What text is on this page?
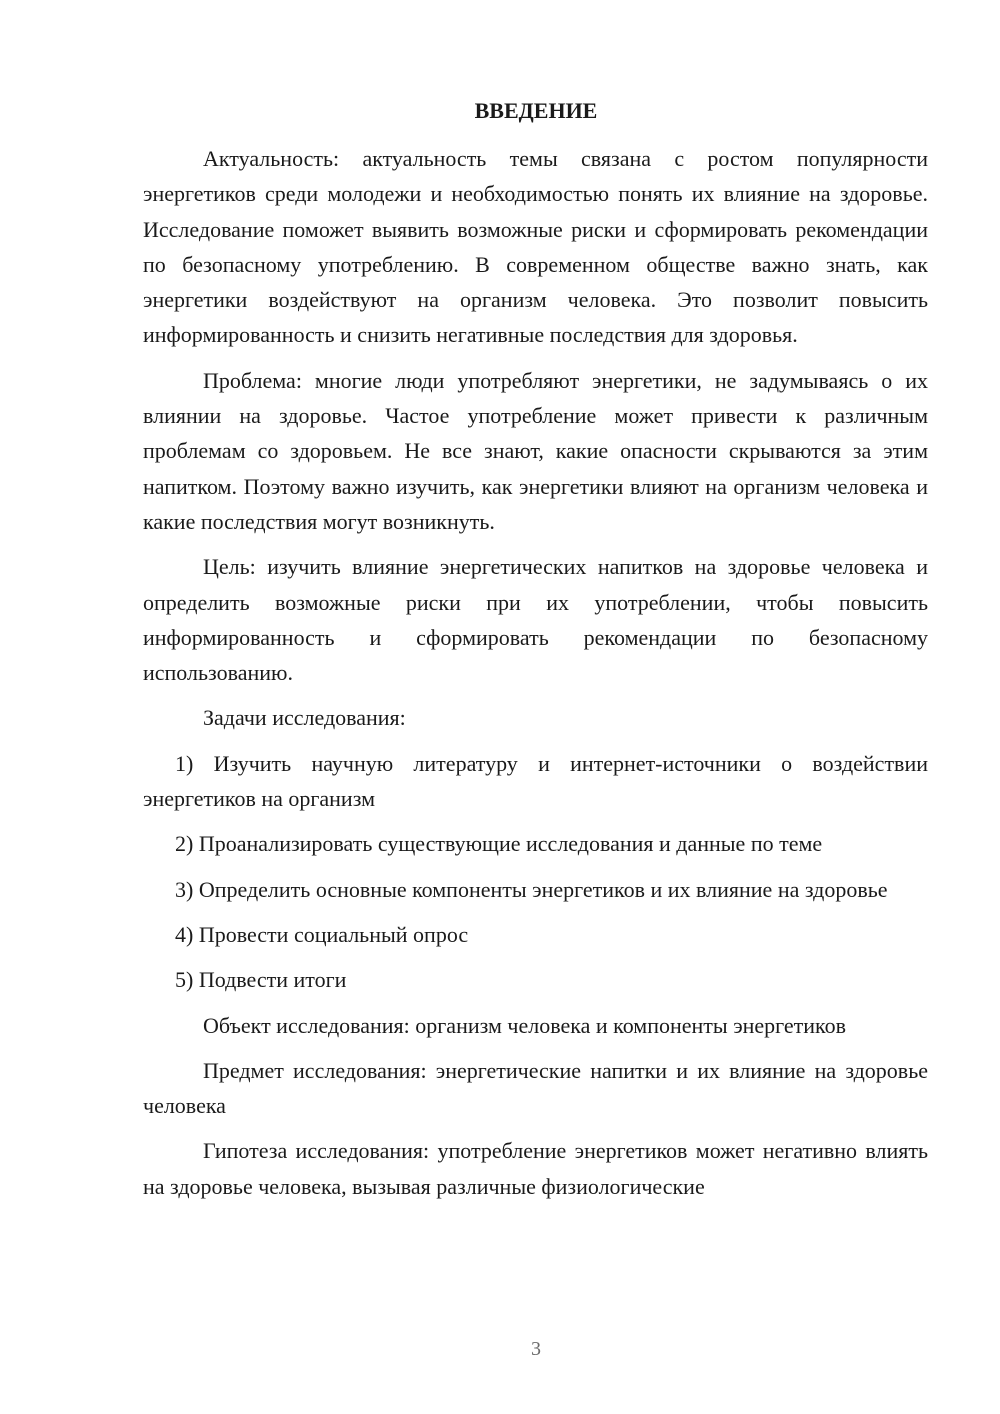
ВВЕДЕНИЕ

Актуальность: актуальность темы связана с ростом популярности энергетиков среди молодежи и необходимостью понять их влияние на здоровье. Исследование поможет выявить возможные риски и сформировать рекомендации по безопасному употреблению. В современном обществе важно знать, как энергетики воздействуют на организм человека. Это позволит повысить информированность и снизить негативные последствия для здоровья.

Проблема: многие люди употребляют энергетики, не задумываясь о их влиянии на здоровье. Частое употребление может привести к различным проблемам со здоровьем. Не все знают, какие опасности скрываются за этим напитком. Поэтому важно изучить, как энергетики влияют на организм человека и какие последствия могут возникнуть.

Цель: изучить влияние энергетических напитков на здоровье человека и определить возможные риски при их употреблении, чтобы повысить информированность и сформировать рекомендации по безопасному использованию.

Задачи исследования:

1) Изучить научную литературу и интернет-источники о воздействии энергетиков на организм

2) Проанализировать существующие исследования и данные по теме

3) Определить основные компоненты энергетиков и их влияние на здоровье

4) Провести социальный опрос

5) Подвести итоги

Объект исследования: организм человека и компоненты энергетиков

Предмет исследования: энергетические напитки и их влияние на здоровье человека

Гипотеза исследования: употребление энергетиков может негативно влиять на здоровье человека, вызывая различные физиологические

3
